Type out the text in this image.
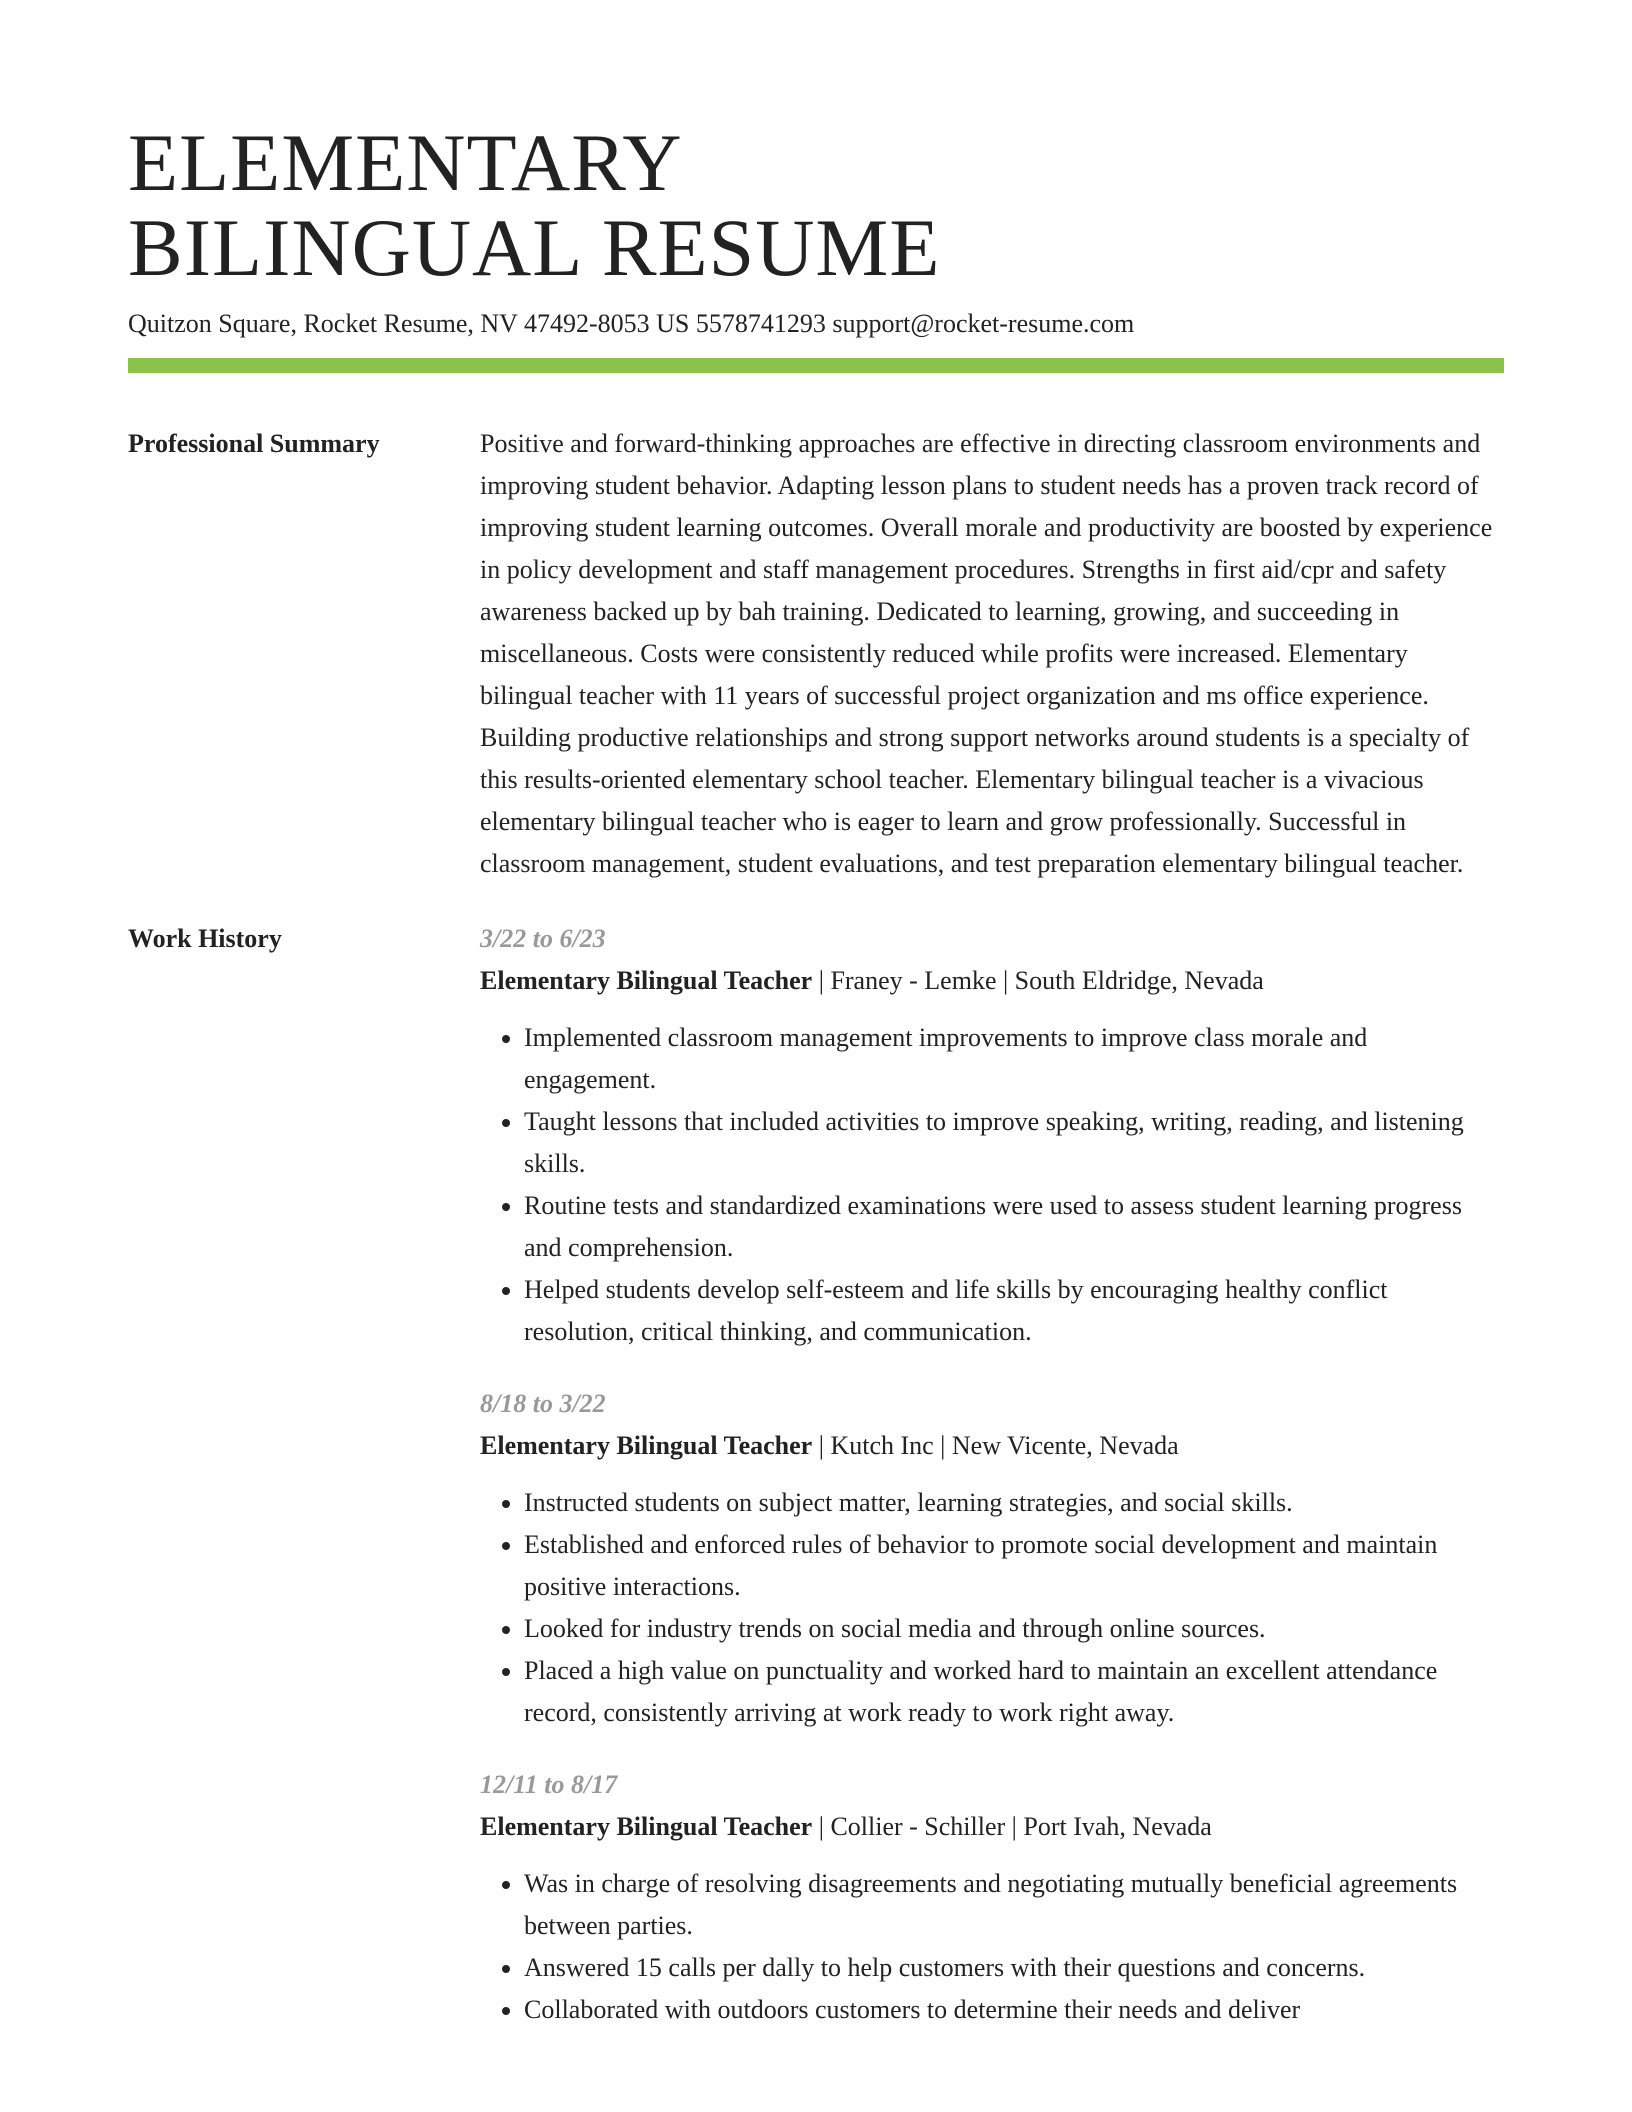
ELEMENTARY
BILINGUAL RESUME
Quitzon Square, Rocket Resume, NV 47492-8053 US 5578741293 support@rocket-resume.com
Professional Summary	Positive and forward-thinking approaches are effective in directing classroom environments and improving student behavior. Adapting lesson plans to student needs has a proven track record of improving student learning outcomes. Overall morale and productivity are boosted by experience in policy development and staff management procedures. Strengths in first aid/cpr and safety awareness backed up by bah training. Dedicated to learning, growing, and succeeding in miscellaneous. Costs were consistently reduced while profits were increased. Elementary bilingual teacher with 11 years of successful project organization and ms office experience. Building productive relationships and strong support networks around students is a specialty of this results-oriented elementary school teacher. Elementary bilingual teacher is a vivacious elementary bilingual teacher who is eager to learn and grow professionally. Successful in classroom management, student evaluations, and test preparation elementary bilingual teacher.

Work History	3/22 to 6/23
Elementary Bilingual Teacher | Franey - Lemke | South Eldridge, Nevada
• Implemented classroom management improvements to improve class morale and engagement.
• Taught lessons that included activities to improve speaking, writing, reading, and listening skills.
• Routine tests and standardized examinations were used to assess student learning progress and comprehension.
• Helped students develop self-esteem and life skills by encouraging healthy conflict resolution, critical thinking, and communication.
8/18 to 3/22
Elementary Bilingual Teacher | Kutch Inc | New Vicente, Nevada
• Instructed students on subject matter, learning strategies, and social skills.
• Established and enforced rules of behavior to promote social development and maintain positive interactions.
• Looked for industry trends on social media and through online sources.
• Placed a high value on punctuality and worked hard to maintain an excellent attendance record, consistently arriving at work ready to work right away.
12/11 to 8/17
Elementary Bilingual Teacher | Collier - Schiller | Port Ivah, Nevada
• Was in charge of resolving disagreements and negotiating mutually beneficial agreements between parties.
• Answered 15 calls per dally to help customers with their questions and concerns.
• Collaborated with outdoors customers to determine their needs and deliver
